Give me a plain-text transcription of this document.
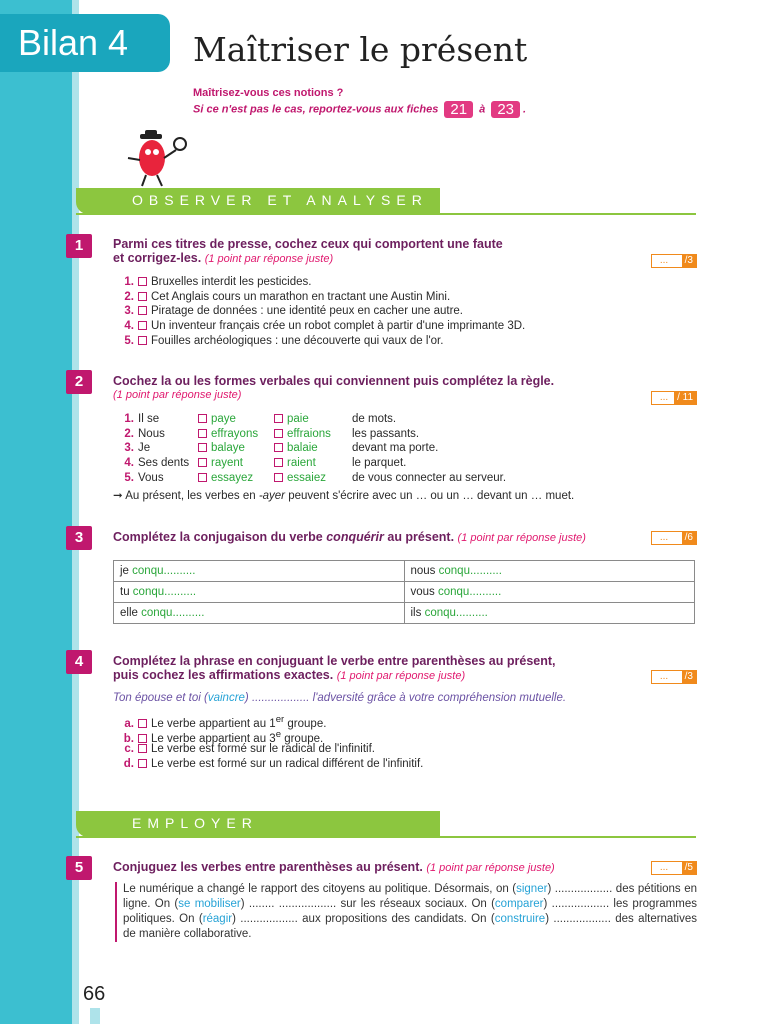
Bilan 4	Maîtriser le présent
Maîtrisez-vous ces notions ?
Si ce n'est pas le cas, reportez-vous aux fiches 21 à 23 .
OBSERVER ET ANALYSER
1	Parmi ces titres de presse, cochez ceux qui comportent une faute
et corrigez-les. (1 point par réponse juste)	...	/3
1. Bruxelles interdit les pesticides.
2. Cet Anglais cours un marathon en tractant une Austin Mini.
3. Piratage de données : une identité peux en cacher une autre.
4. Un inventeur français crée un robot complet à partir d'une imprimante 3D.
5. Fouilles archéologiques : une découverte qui vaux de l'or.
2	Cochez la ou les formes verbales qui conviennent puis complétez la règle.
(1 point par réponse juste)	... / 11
1. Il se	paye	paie	de mots.
2. Nous	effrayons	effraions les passants.
3. Je	balaye	balaie	devant ma porte.
4. Ses dents	rayent	raient	le parquet.
5. Vous	essayez	essaiez de vous connecter au serveur.
➞ Au présent, les verbes en -ayer peuvent s'écrire avec un … ou un … devant un … muet.
3	Complétez la conjugaison du verbe conquérir au présent. (1 point par réponse juste)	...	/6
je conqu..........	nous conqu..........
tu conqu..........	vous conqu..........
elle conqu..........	ils conqu..........
4	Complétez la phrase en conjuguant le verbe entre parenthèses au présent,
puis cochez les affirmations exactes. (1 point par réponse juste)	...	/3
Ton épouse et toi (vaincre) .................. l'adversité grâce à votre compréhension mutuelle.
a. Le verbe appartient au 1er groupe.
b. Le verbe appartient au 3e groupe.
c. Le verbe est formé sur le radical de l'infinitif.
d. Le verbe est formé sur un radical différent de l'infinitif.
EMPLOYER
5	Conjuguez les verbes entre parenthèses au présent. (1 point par réponse juste)	...	/5
Le numérique a changé le rapport des citoyens au politique. Désormais, on (signer) .................. des pétitions en ligne. On (se mobiliser) ........ .................. sur les réseaux sociaux. On (comparer) .................. les programmes politiques. On (réagir) .................. aux propositions des candidats. On (construire) .................. des alternatives de manière collaborative.
66
